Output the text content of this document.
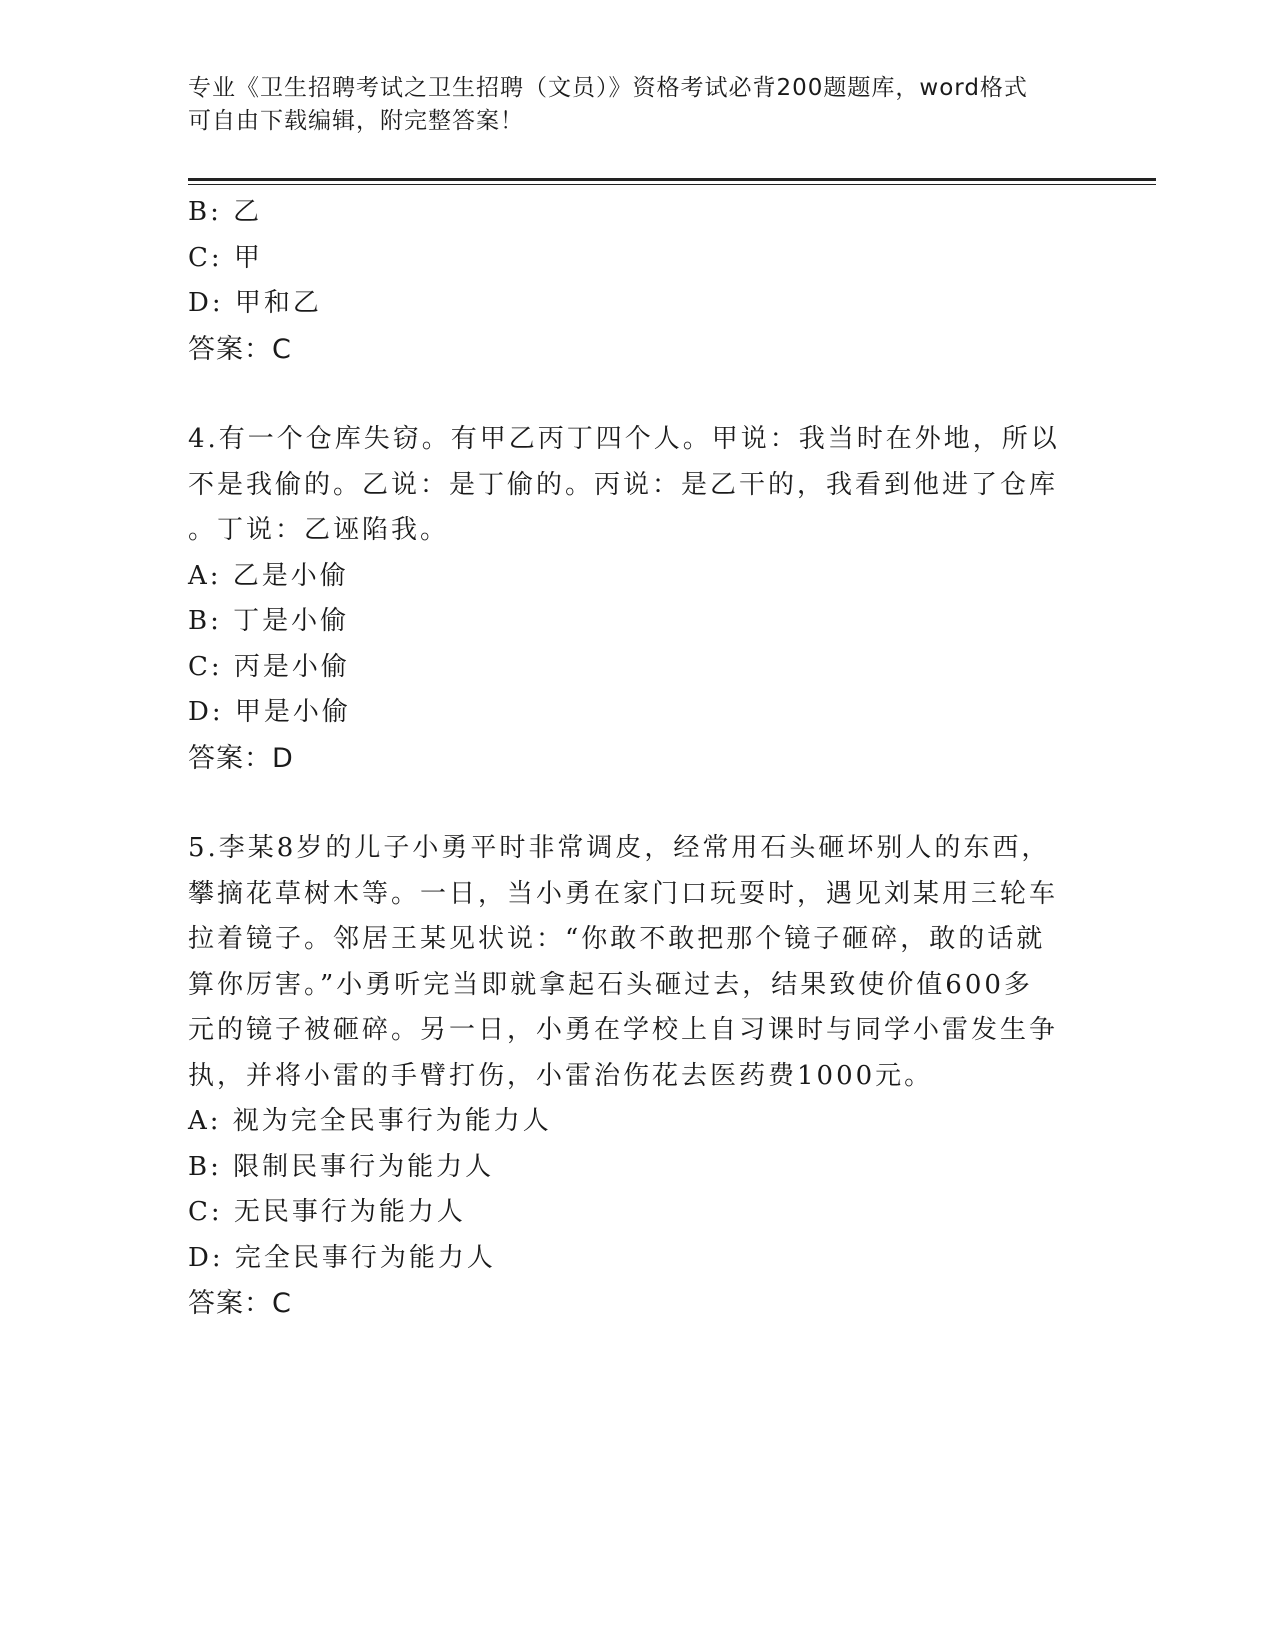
专业《卫生招聘考试之卫生招聘（文员）》资格考试必背200题题库，word格式
可自由下载编辑，附完整答案！
B: 乙
C: 甲
D: 甲和乙
答案：C
4.有一个仓库失窃。有甲乙丙丁四个人。甲说：我当时在外地，所以
不是我偷的。乙说：是丁偷的。丙说：是乙干的，我看到他进了仓库
。丁说：乙诬陷我。
A: 乙是小偷
B: 丁是小偷
C: 丙是小偷
D: 甲是小偷
答案：D
5.李某8岁的儿子小勇平时非常调皮，经常用石头砸坏别人的东西，
攀摘花草树木等。一日，当小勇在家门口玩耍时，遇见刘某用三轮车
拉着镜子。邻居王某见状说：“你敢不敢把那个镜子砸碎，敢的话就
算你厉害。”小勇听完当即就拿起石头砸过去，结果致使价值600多
元的镜子被砸碎。另一日，小勇在学校上自习课时与同学小雷发生争
执，并将小雷的手臂打伤，小雷治伤花去医药费1000元。
A: 视为完全民事行为能力人
B: 限制民事行为能力人
C: 无民事行为能力人
D: 完全民事行为能力人
答案：C
